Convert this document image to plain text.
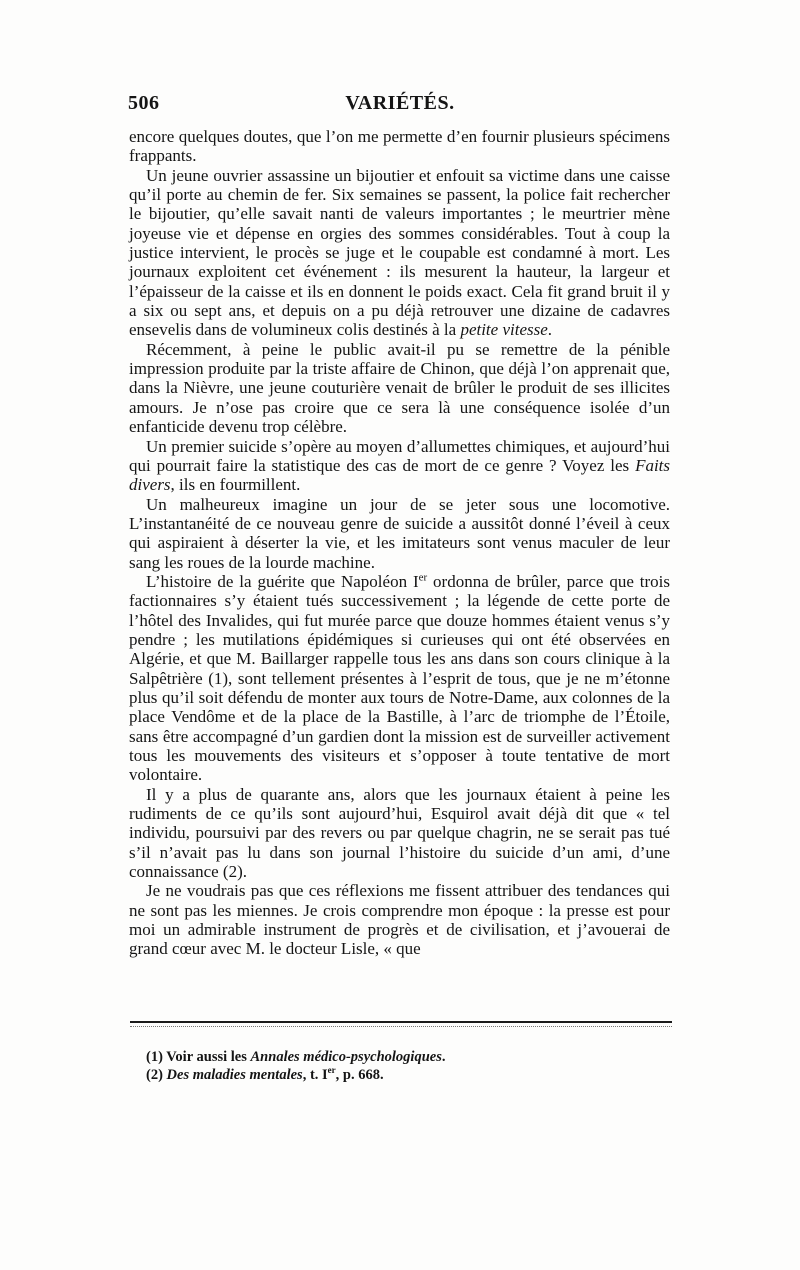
506	VARIÉTÉS.

encore quelques doutes, que l’on me permette d’en fournir plusieurs spécimens frappants.

Un jeune ouvrier assassine un bijoutier et enfouit sa victime dans une caisse qu’il porte au chemin de fer. Six semaines se passent, la police fait rechercher le bijoutier, qu’elle savait nanti de valeurs importantes ; le meurtrier mène joyeuse vie et dépense en orgies des sommes considérables. Tout à coup la justice intervient, le procès se juge et le coupable est condamné à mort. Les journaux exploitent cet événement : ils mesurent la hauteur, la largeur et l’épaisseur de la caisse et ils en donnent le poids exact. Cela fit grand bruit il y a six ou sept ans, et depuis on a pu déjà retrouver une dizaine de cadavres ensevelis dans de volumineux colis destinés à la petite vitesse.

Récemment, à peine le public avait-il pu se remettre de la pénible impression produite par la triste affaire de Chinon, que déjà l’on apprenait que, dans la Nièvre, une jeune couturière venait de brûler le produit de ses illicites amours. Je n’ose pas croire que ce sera là une conséquence isolée d’un enfanticide devenu trop célèbre.

Un premier suicide s’opère au moyen d’allumettes chimiques, et aujourd’hui qui pourrait faire la statistique des cas de mort de ce genre ? Voyez les Faits divers, ils en fourmillent.

Un malheureux imagine un jour de se jeter sous une locomotive. L’instantanéité de ce nouveau genre de suicide a aussitôt donné l’éveil à ceux qui aspiraient à déserter la vie, et les imitateurs sont venus maculer de leur sang les roues de la lourde machine.

L’histoire de la guérite que Napoléon Ier ordonna de brûler, parce que trois factionnaires s’y étaient tués successivement ; la légende de cette porte de l’hôtel des Invalides, qui fut murée parce que douze hommes étaient venus s’y pendre ; les mutilations épidémiques si curieuses qui ont été observées en Algérie, et que M. Baillarger rappelle tous les ans dans son cours clinique à la Salpêtrière (1), sont tellement présentes à l’esprit de tous, que je ne m’étonne plus qu’il soit défendu de monter aux tours de Notre-Dame, aux colonnes de la place Vendôme et de la place de la Bastille, à l’arc de triomphe de l’Étoile, sans être accompagné d’un gardien dont la mission est de surveiller activement tous les mouvements des visiteurs et s’opposer à toute tentative de mort volontaire.

Il y a plus de quarante ans, alors que les journaux étaient à peine les rudiments de ce qu’ils sont aujourd’hui, Esquirol avait déjà dit que « tel individu, poursuivi par des revers ou par quelque chagrin, ne se serait pas tué s’il n’avait pas lu dans son journal l’histoire du suicide d’un ami, d’une connaissance (2).

Je ne voudrais pas que ces réflexions me fissent attribuer des tendances qui ne sont pas les miennes. Je crois comprendre mon époque : la presse est pour moi un admirable instrument de progrès et de civilisation, et j’avouerai de grand cœur avec M. le docteur Lisle, « que

(1) Voir aussi les Annales médico-psychologiques.
(2) Des maladies mentales, t. Ier, p. 668.
